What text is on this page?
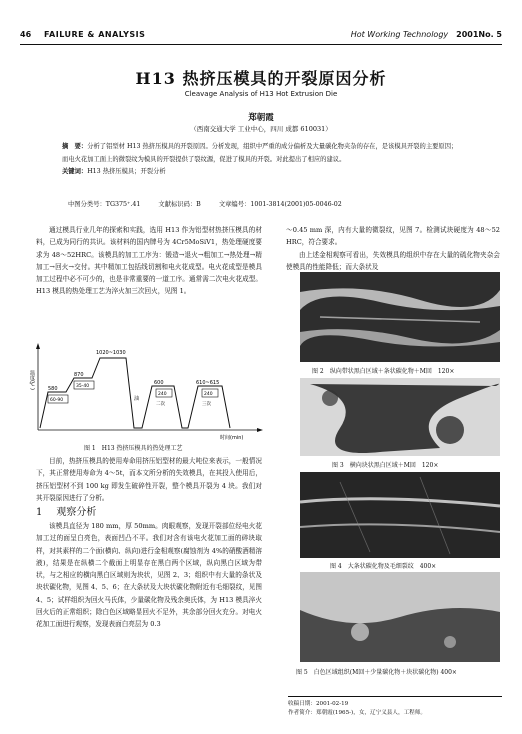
46 FAILURE & ANALYSIS	Hot Working Technology 2001No. 5
H13 热挤压模具的开裂原因分析
Cleavage Analysis of H13 Hot Extrusion Die
郑朝霞
（西南交通大学 工业中心，四川 成都 610031）
摘　要：分析了铝型材 H13 热挤压模具的开裂原因。分析发现，组织中严重的成分偏析及大量碳化物夹杂的存在，是该模具开裂的主要原因；而电火花加工面上的微裂纹为模具的开裂提供了裂纹源，促进了模具的开裂。对此提出了相应的建议。
关键词：H13 热挤压模具；开裂分析
中图分类号：TG375⁺.41	文献标识码：B	文章编号：1001-3814(2001)05-0046-02

通过模具行业几年的探索和实践，选用 H13 作为铝型材热挤压模具的材料，已成为同行的共识。该材料的国内牌号为 4Cr5MoSiV1，热处理硬度要求为 48～52HRC。该模具的加工工序为：锻造→退火→粗加工→热处理→精加工→回火→交付。其中精加工包括线切割和电火花成型。电火花成型是模具加工过程中必不可少的，也是非常重要的一道工序。通常需二次电火花成型。H13 模具的热处理工艺为淬火加三次回火，见图 1。

温度(℃)
时间(min)
1020~1030
油
580
60-90
870
35-40
600
240
二次
610~615
240
三次
图 1　H13 热挤压模具的热处理工艺

目前，热挤压模具的使用寿命用挤压铝型材的最大吨位来表示，一般情况下，其正常使用寿命为 4～5t，而本文所分析的失效模具，在其投入使用后，挤压铝型材不到 100 kg 即发生破碎性开裂，整个模具开裂为 4 块。我们对其开裂原因进行了分析。

1 观察分析

该模具直径为 180 mm，厚 50mm。肉眼观察，发现开裂部位经电火花加工过的面呈白亮色，表面凹凸不平。我们对含有该电火花加工面的碎块取样，对其素样的二个面(横向、纵向)进行金相观察(腐蚀剂为 4%的硝酸酒精溶液)，结果是在纵横二个截面上明显存在黑白两个区域，纵向黑白区域为带状，与之相应的横向黑白区域则为块状，见图 2、3；组织中有大量的条状及块状碳化物，见图 4、5、6；在大条状及大块状碳化物附近有毛细裂纹，见图 4、5；试样组织为回火马氏体，少量碳化物及残余奥氏体，为 H13 模具淬火回火后的正常组织；除白色区域略显回火不足外，其余部分回火充分。对电火花加工面进行观察，发现表面白亮层为 0.3

～0.45 mm 深，内有大量的微裂纹，见图 7。检测试块硬度为 48～52 HRC，符合要求。

由上述金相观察可看出，失效模具的组织中存在大量的硫化物夹杂会使模具的性能降低；而大条状及

图 2　纵向带状黑白区域＋条状碳化物＋M回　120×
图 3　横向块状黑白区域＋M回　120×
图 4　大条状碳化物及毛细裂纹　400×
图 5　白色区域组织(M回＋少量碳化物＋块状碳化物) 400×
收稿日期：2001-02-19
作者简介：郑朝霞(1965-)，女，辽宁义县人，工程师。
